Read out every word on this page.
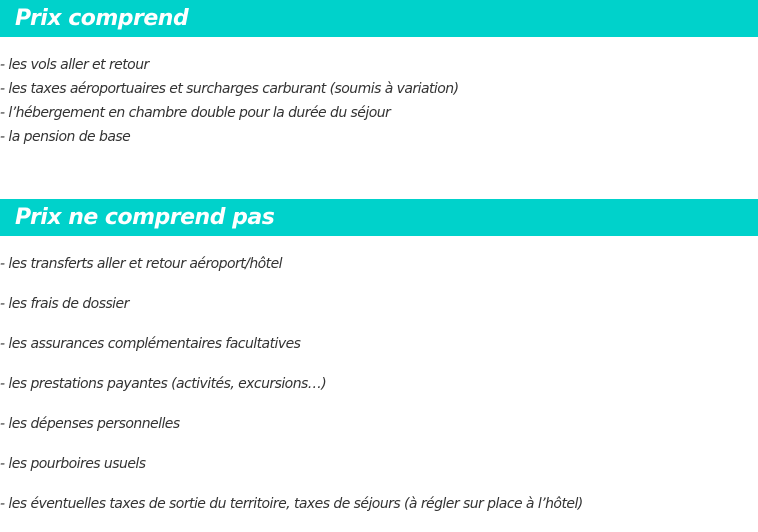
Prix comprend
- les vols aller et retour
- les taxes aéroportuaires et surcharges carburant (soumis à variation)
- l’hébergement en chambre double pour la durée du séjour
- la pension de base
Prix ne comprend pas
- les transferts aller et retour aéroport/hôtel
- les frais de dossier
- les assurances complémentaires facultatives
- les prestations payantes (activités, excursions…)
- les dépenses personnelles
- les pourboires usuels
- les éventuelles taxes de sortie du territoire, taxes de séjours (à régler sur place à l’hôtel)
